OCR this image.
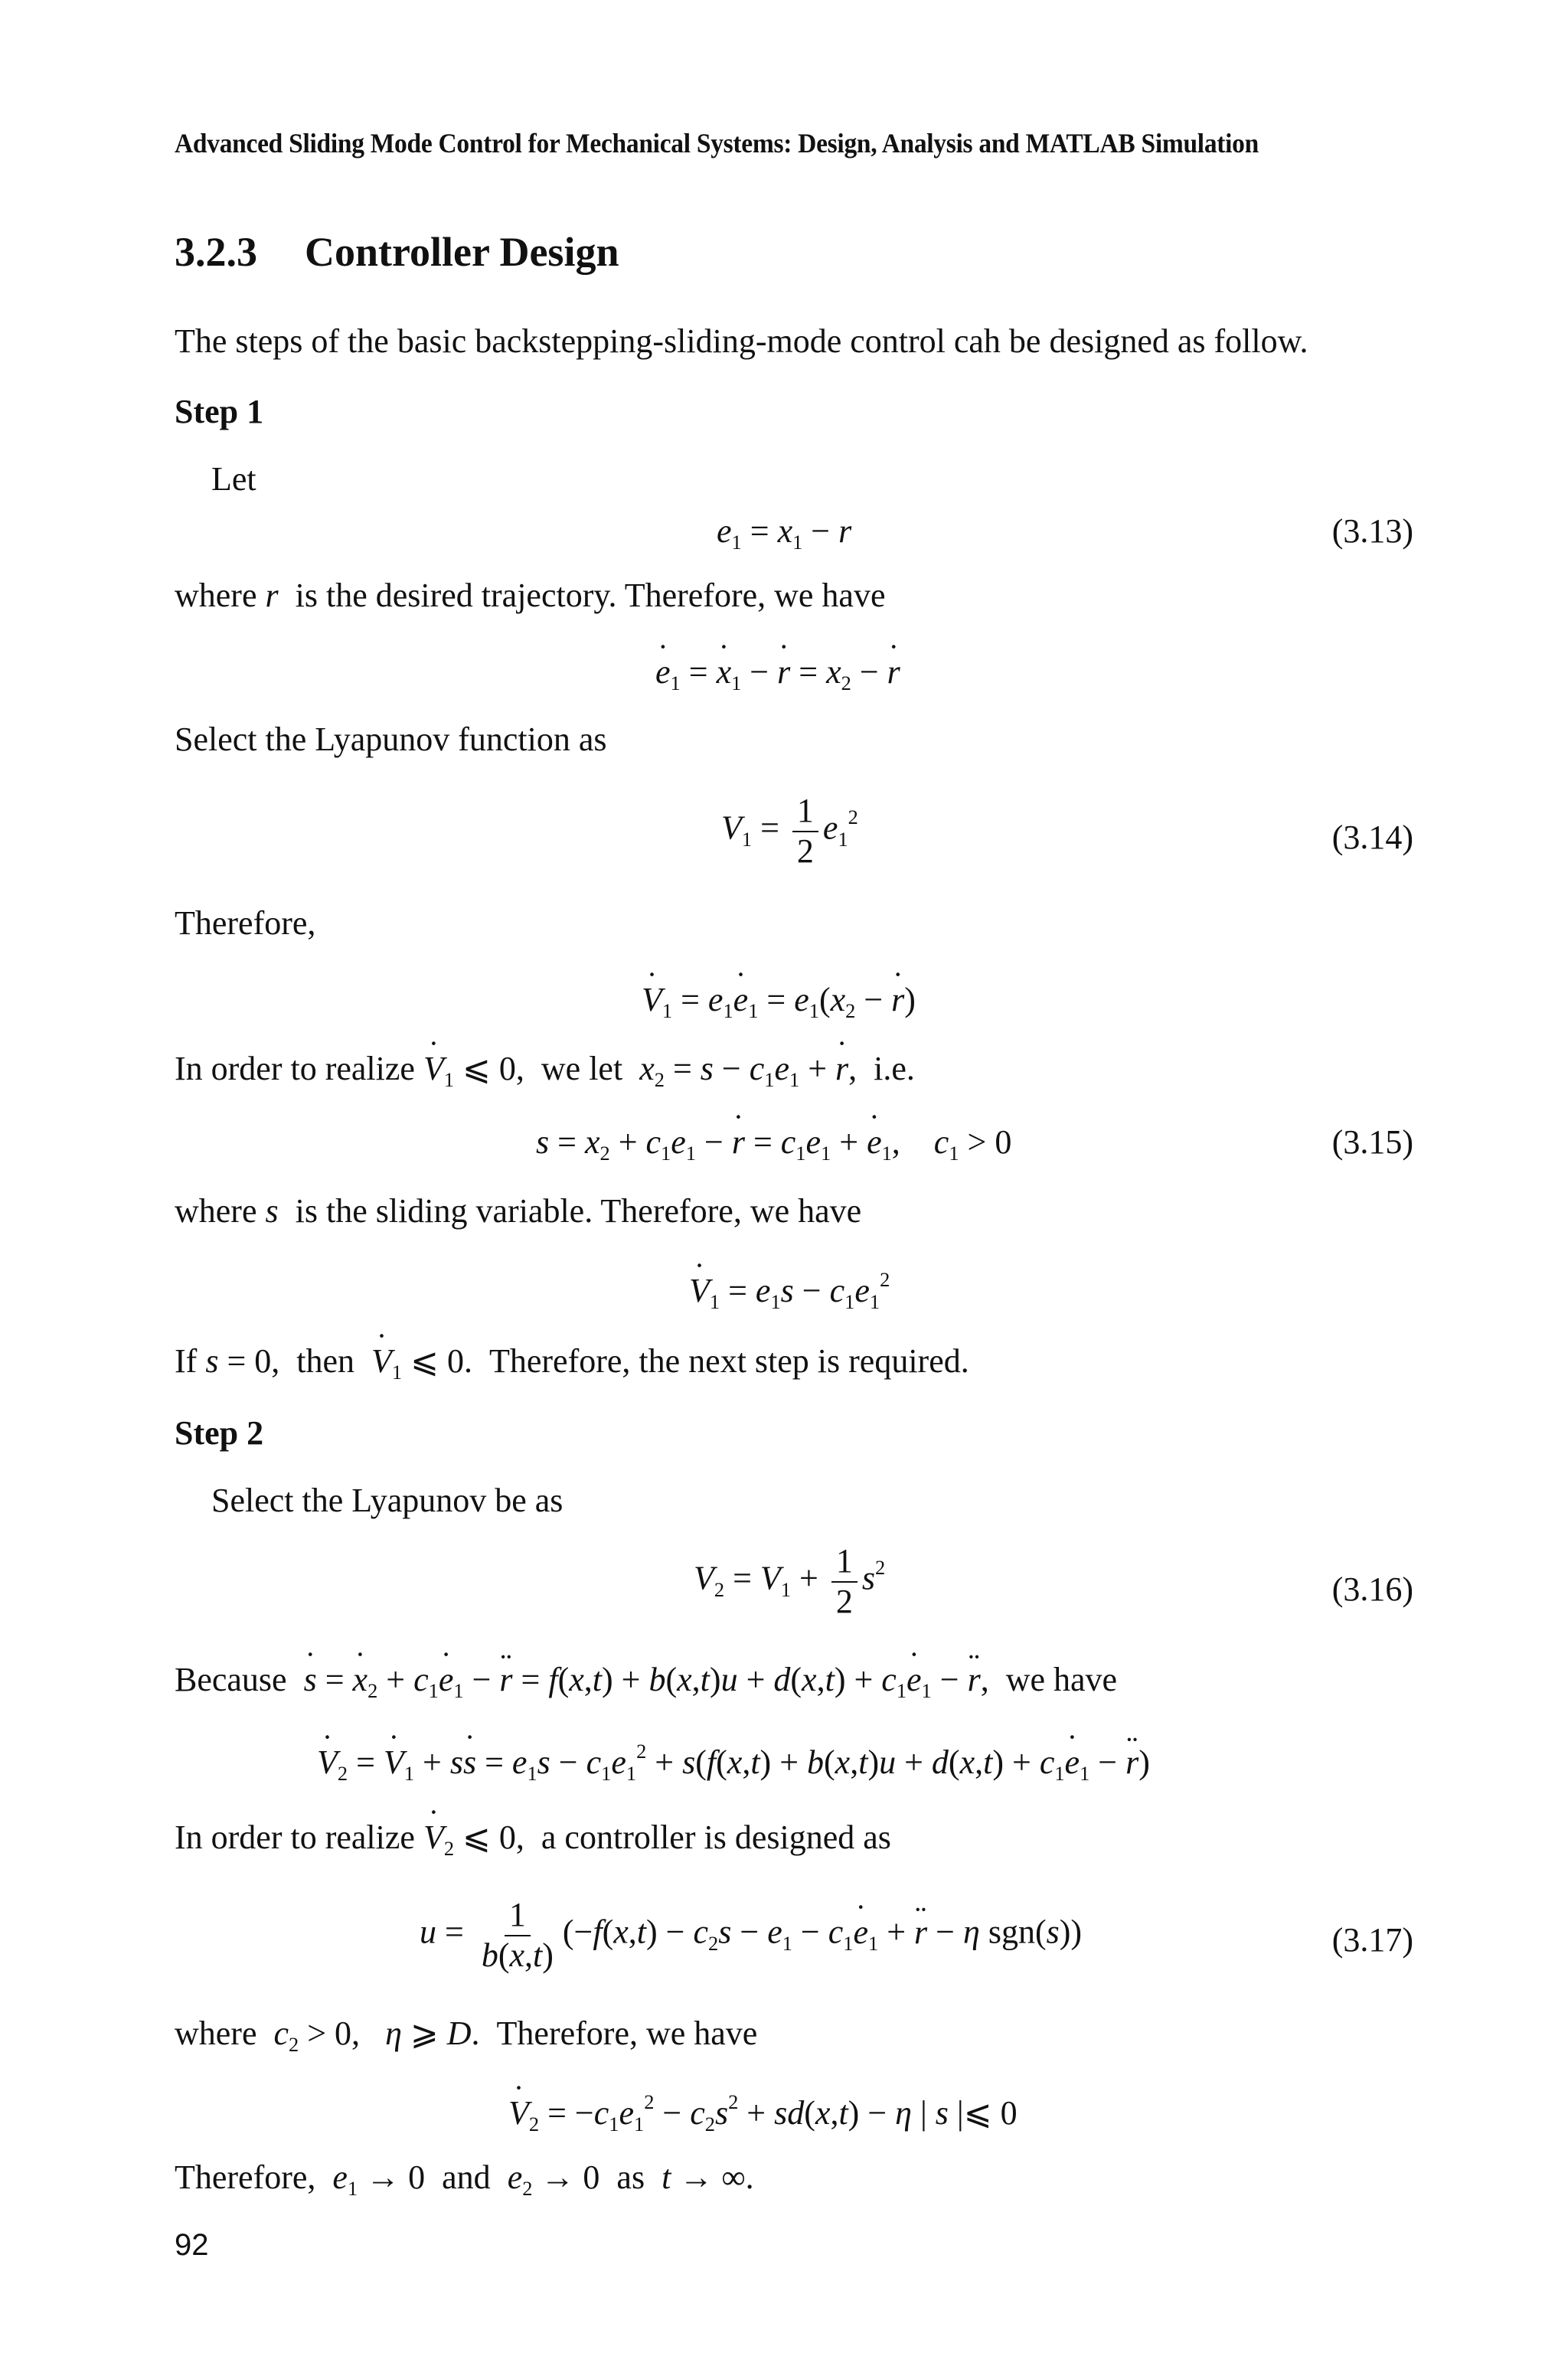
Advanced Sliding Mode Control for Mechanical Systems: Design, Analysis and MATLAB Simulation
3.2.3 Controller Design
The steps of the basic backstepping-sliding-mode control cah be designed as follow.
Step 1
Let
$e_1 = x_1 - r$	(3.13)
where r is the desired trajectory. Therefore, we have
˙ $e_1$ = ˙ $x_1$ − ˙ $r = x_2$ − ˙ r
Select the Lyapunov function as
$V_1 = \frac{1}{2} e_1^2$
(3.14)
Therefore,
˙ $V_1$ = $e_1˙$ $e_1 = e_1(x_2$ − ˙ r)
In order to realize ˙ $V_1$ ⩽ 0,  we let $x_2 = s - c_1e_1$ + ˙ r,  i.e.
$s = x_2 + c_1e_1$ − ˙ $r = c_1e_1$ + ˙ $e_1$,    $c_1 > 0$	(3.15)
where s is the sliding variable. Therefore, we have
˙ $V_1 = e_1s - c_1e_1^2$
If s = 0,  then ˙ $V_1$ ⩽ 0.  Therefore, the next step is required.
Step 2
Select the Lyapunov be as
$V_2 = V_1 + \frac{1}{2} s^2$
(3.16)
Because ˙ s = ˙ $x_2$ + $c_1˙$ $e_1$ − ¨ $r = f(x,t) + b(x,t)u + d(x,t) + c_1˙$ $e_1$ − ¨ r,  we have
˙ $V_2$ = ˙ $V_1$ + s˙ $s = e_1s - c_1e_1^2 + s(f(x,t) + b(x,t)u + d(x,t)$ + $c_1˙$ $e_1$ − ¨ r)
In order to realize ˙ $V_2$ ⩽ 0,  a controller is designed as
$u = \frac{1}{b(x,t)} (-f(x,t) - c_2s - e_1$ − $c_1˙$ $e_1$ + ¨ r − η sgn(s))	(3.17)
where $c_2 > 0$,   η ⩾ D.  Therefore, we have
˙ $V_2 = -c_1e_1^2 - c_2s^2 + sd(x,t) - \eta$ | s |⩽ 0
Therefore, $e_1 \to 0$  and $e_2 \to 0$  as t → ∞.
92
